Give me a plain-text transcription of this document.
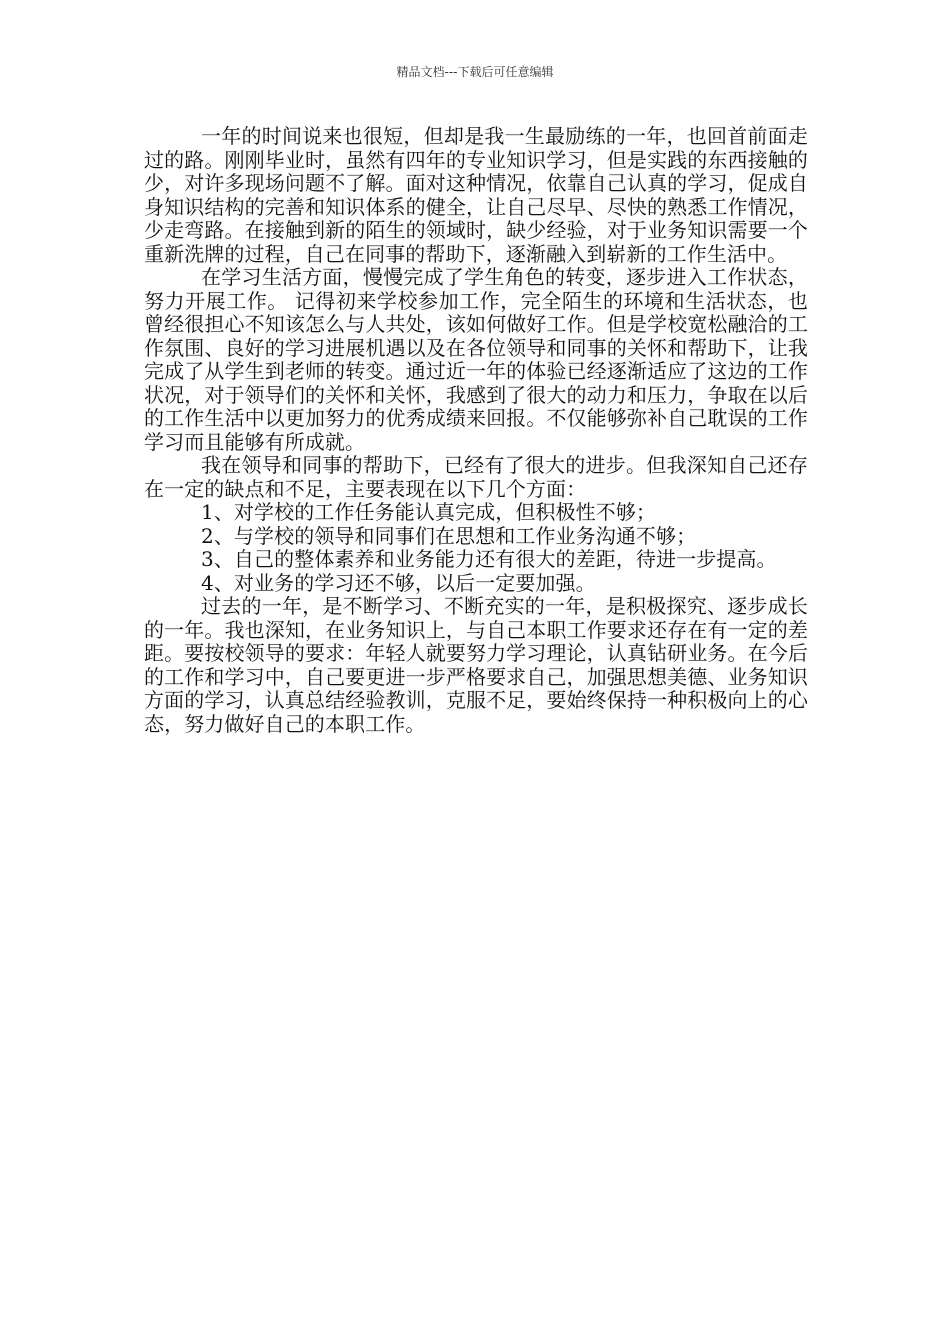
精品文档---下载后可任意编辑

一年的时间说来也很短，但却是我一生最励练的一年，也回首前面走过的路。刚刚毕业时，虽然有四年的专业知识学习，但是实践的东西接触的少，对许多现场问题不了解。面对这种情况，依靠自己认真的学习，促成自身知识结构的完善和知识体系的健全，让自己尽早、尽快的熟悉工作情况，少走弯路。在接触到新的陌生的领域时，缺少经验，对于业务知识需要一个重新洗牌的过程，自己在同事的帮助下，逐渐融入到崭新的工作生活中。

在学习生活方面，慢慢完成了学生角色的转变，逐步进入工作状态，努力开展工作。 记得初来学校参加工作，完全陌生的环境和生活状态，也曾经很担心不知该怎么与人共处，该如何做好工作。但是学校宽松融洽的工作氛围、良好的学习进展机遇以及在各位领导和同事的关怀和帮助下，让我完成了从学生到老师的转变。通过近一年的体验已经逐渐适应了这边的工作状况，对于领导们的关怀和关怀，我感到了很大的动力和压力，争取在以后的工作生活中以更加努力的优秀成绩来回报。不仅能够弥补自己耽误的工作学习而且能够有所成就。

我在领导和同事的帮助下，已经有了很大的进步。但我深知自己还存在一定的缺点和不足，主要表现在以下几个方面：

1、对学校的工作任务能认真完成，但积极性不够；

2、与学校的领导和同事们在思想和工作业务沟通不够；

3、自己的整体素养和业务能力还有很大的差距，待进一步提高。

4、对业务的学习还不够，以后一定要加强。

过去的一年，是不断学习、不断充实的一年，是积极探究、逐步成长的一年。我也深知，在业务知识上，与自己本职工作要求还存在有一定的差距。要按校领导的要求：年轻人就要努力学习理论，认真钻研业务。在今后的工作和学习中，自己要更进一步严格要求自己，加强思想美德、业务知识方面的学习，认真总结经验教训，克服不足，要始终保持一种积极向上的心态，努力做好自己的本职工作。
